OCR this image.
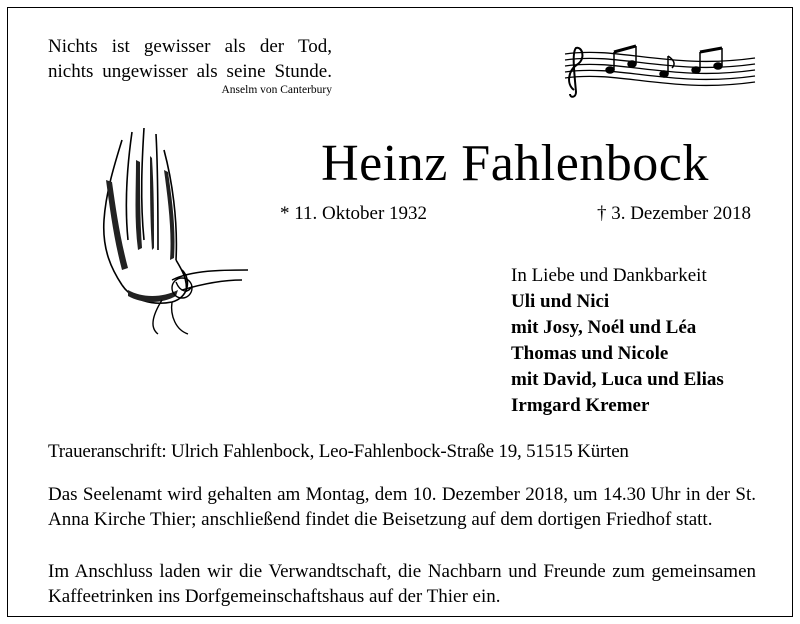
Nichts ist gewisser als der Tod,
nichts ungewisser als seine Stunde.
Anselm von Canterbury
Heinz Fahlenbock
* 11. Oktober 1932	† 3. Dezember 2018
In Liebe und Dankbarkeit
Uli und Nici
mit Josy, Noél und Léa
Thomas und Nicole
mit David, Luca und Elias
Irmgard Kremer
Traueranschrift: Ulrich Fahlenbock, Leo-Fahlenbock-Straße 19, 51515 Kürten
Das Seelenamt wird gehalten am Montag, dem 10. Dezember 2018, um 14.30 Uhr in der St. Anna Kirche Thier; anschließend findet die Beisetzung auf dem dortigen Friedhof statt.
Im Anschluss laden wir die Verwandtschaft, die Nachbarn und Freunde zum gemeinsamen Kaffeetrinken ins Dorfgemeinschaftshaus auf der Thier ein.
